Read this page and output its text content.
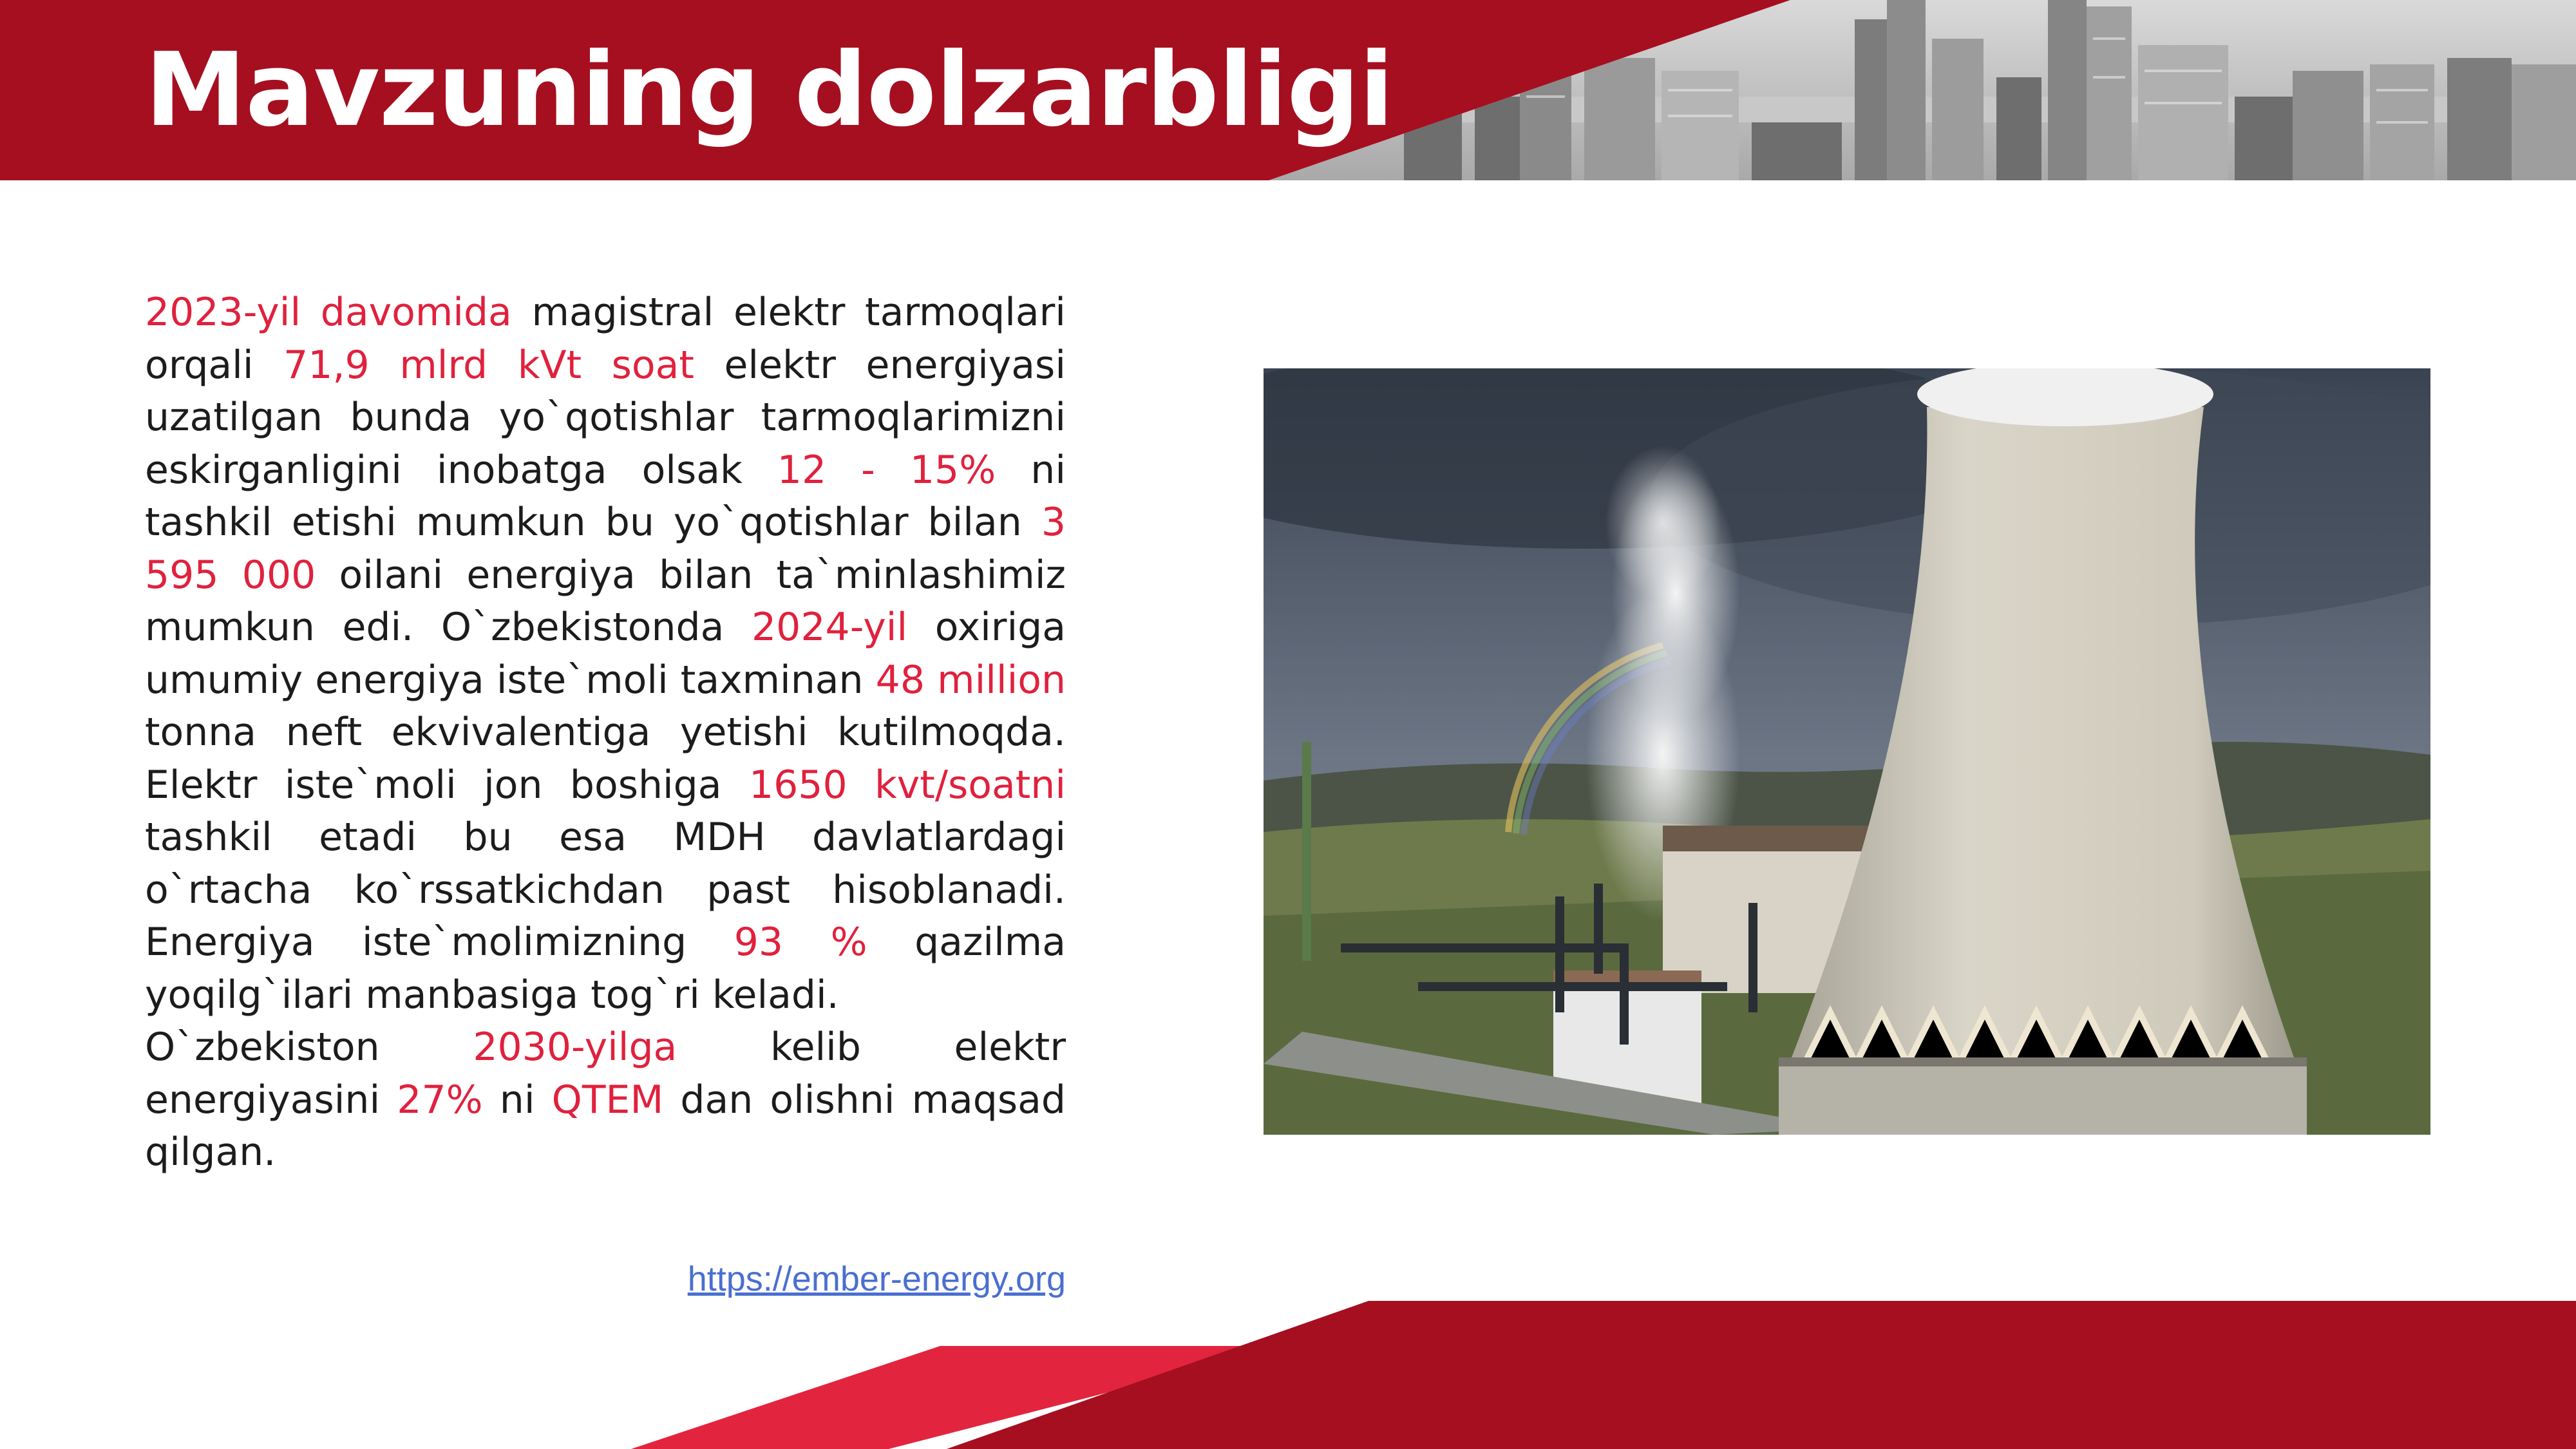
Mavzuning dolzarbligi

2023-yil davomida magistral elektr tarmoqlari orqali 71,9 mlrd kVt soat elektr energiyasi uzatilgan bunda yo`qotishlar tarmoqlarimizni eskirganligini inobatga olsak 12 - 15% ni tashkil etishi mumkun bu yo`qotishlar bilan 3 595 000 oilani energiya bilan ta`minlashimiz mumkun edi. O`zbekistonda 2024-yil oxiriga umumiy energiya iste`moli taxminan 48 million tonna neft ekvivalentiga yetishi kutilmoqda. Elektr iste`moli jon boshiga 1650 kvt/soatni tashkil etadi bu esa MDH davlatlardagi o`rtacha ko`rssatkichdan past hisoblanadi. Energiya iste`molimizning 93 % qazilma yoqilg`ilari manbasiga tog`ri keladi.

O`zbekiston 2030-yilga kelib elektr energiyasini 27% ni QTEM dan olishni maqsad qilgan.

https://ember-energy.org
